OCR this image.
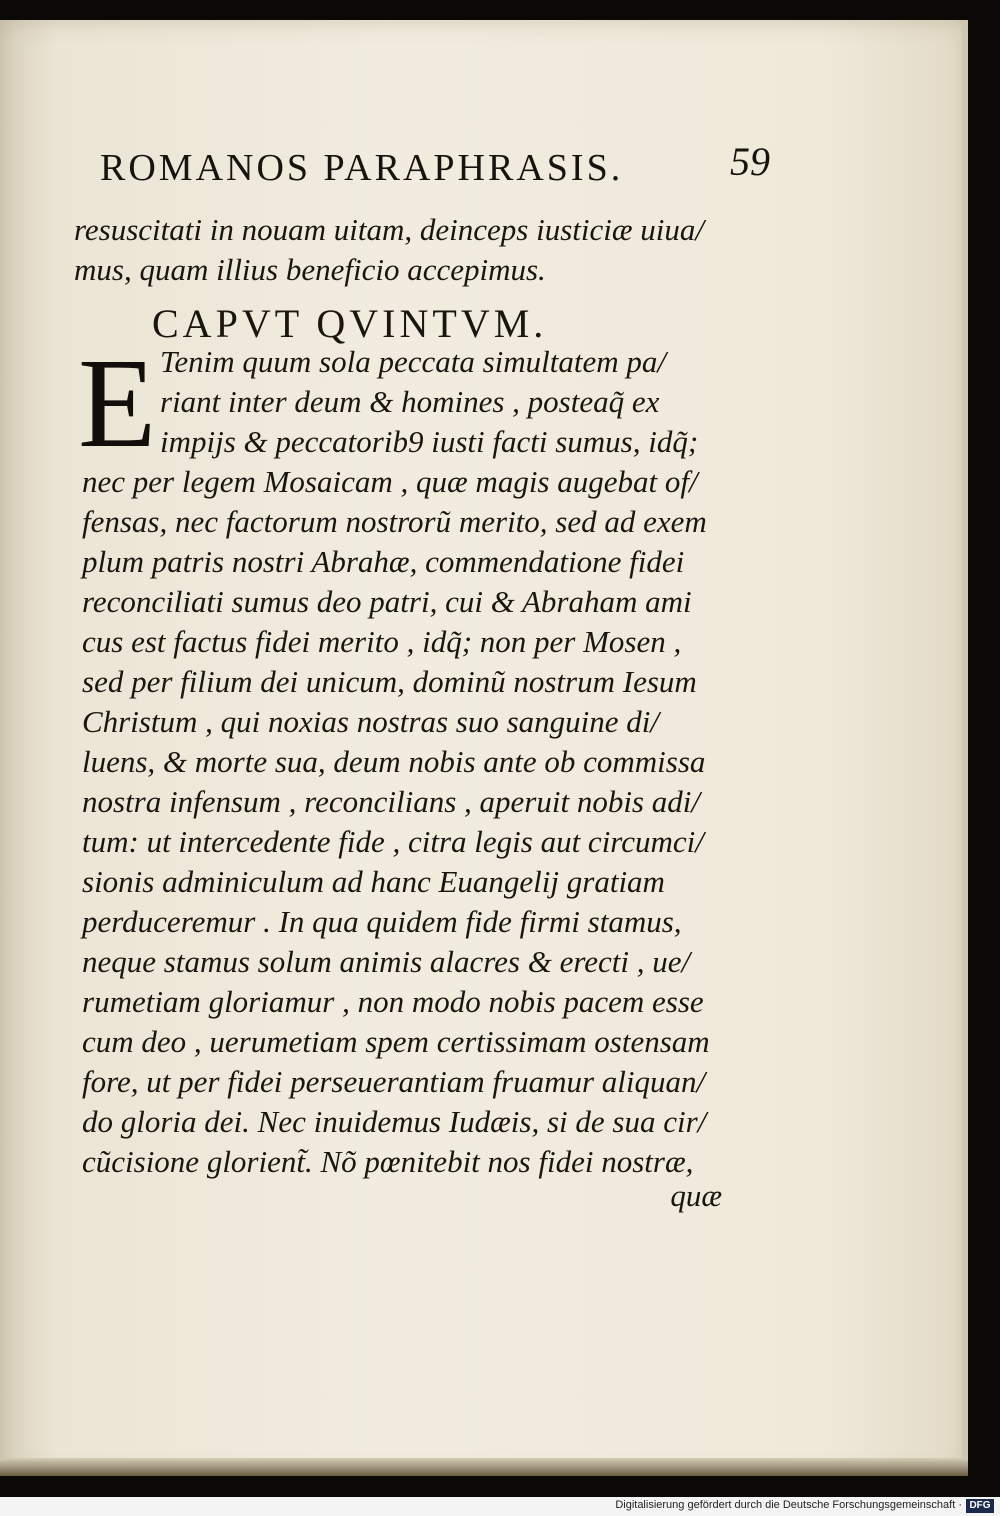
ROMANOS PARAPHRASIS.	59
resuscitati in nouam uitam, deinceps iusticiæ uiua/
mus, quam illius beneficio accepimus.
CAPVT QVINTVM.
E Tenim quum sola peccata simultatem pa/
riant inter deum & homines , posteaq̃ ex
impijs & peccatorib9 iusti facti sumus, idq̃;
nec per legem Mosaicam , quæ magis augebat of/
fensas, nec factorum nostrorũ merito, sed ad exem
plum patris nostri Abrahæ, commendatione fidei
reconciliati sumus deo patri, cui & Abraham ami
cus est factus fidei merito , idq̃; non per Mosen ,
sed per filium dei unicum, dominũ nostrum Iesum
Christum , qui noxias nostras suo sanguine di/
luens, & morte sua, deum nobis ante ob commissa
nostra infensum , reconcilians , aperuit nobis adi/
tum: ut intercedente fide , citra legis aut circumci/
sionis adminiculum ad hanc Euangelij gratiam
perduceremur . In qua quidem fide firmi stamus,
neque stamus solum animis alacres & erecti , ue/
rumetiam gloriamur , non modo nobis pacem esse
cum deo , uerumetiam spem certissimam ostensam
fore, ut per fidei perseuerantiam fruamur aliquan/
do gloria dei. Nec inuidemus Iudæis, si de sua cir/
cũcisione glorient̃. Nõ pœnitebit nos fidei nostræ,
quæ
Digitalisierung gefördert durch die Deutsche Forschungsgemeinschaft · DFG
